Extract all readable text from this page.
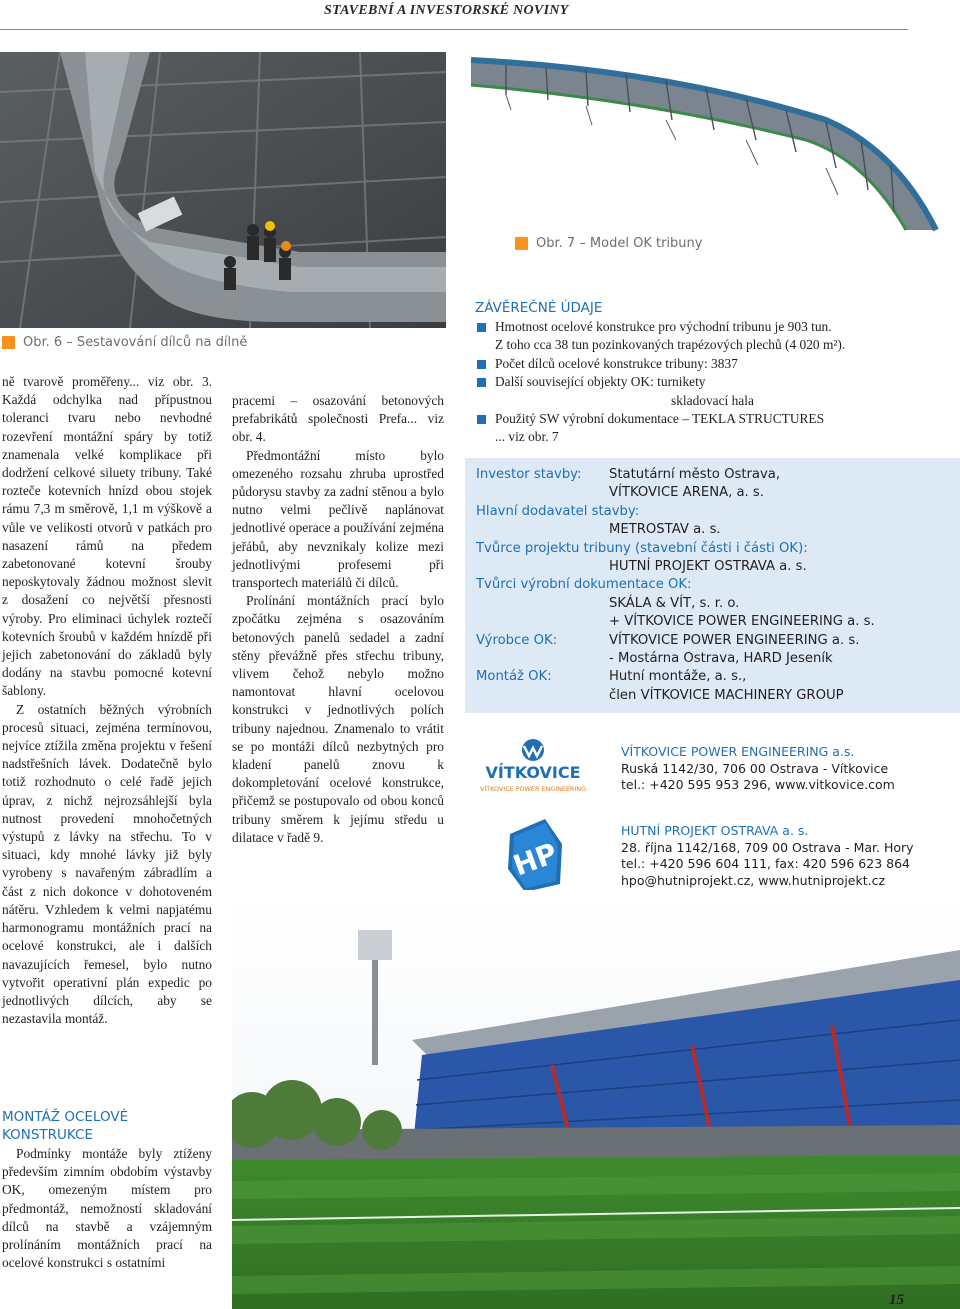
STAVEBNÍ A INVESTORSKÉ NOVINY
Obr. 6 – Sestavování dílců na dílně
Obr. 7 – Model OK tribuny

ně tvarově proměřeny... viz obr. 3. Každá odchylka nad přípustnou toleranci tvaru nebo nevhodné rozevření montážní spáry by totiž znamenala velké komplikace při dodržení celkové siluety tribuny. Také rozteče kotevních hnízd obou stojek rámu 7,3 m směrově, 1,1 m výškově a vůle ve velikosti otvorů v patkách pro nasazení rámů na předem zabetonované kotevní šrouby neposkytovaly žádnou možnost slevit z dosažení co největší přesnosti výroby. Pro eliminaci úchylek roztečí kotevních šroubů v každém hnízdě při jejich zabetonování do základů byly dodány na stavbu pomocné kotevní šablony.

Z ostatních běžných výrobních procesů situaci, zejména termínovou, nejvíce ztížila změna projektu v řešení nadstřešních lávek. Dodatečně bylo totiž rozhodnuto o celé řadě jejich úprav, z nichž nejrozsáhlejší byla nutnost provedení mnohočetných výstupů z lávky na střechu. To v situaci, kdy mnohé lávky již byly vyrobeny s navařeným zábradlím a část z nich dokonce v dohotoveném nátěru. Vzhledem k velmi napjatému harmonogramu montážních prací na ocelové konstrukci, ale i dalších navazujících řemesel, bylo nutno vytvořit operativní plán expedic po jednotlivých dílcích, aby se nezastavila montáž.

MONTÁŽ OCELOVÉ KONSTRUKCE

Podmínky montáže byly ztíženy především zimním obdobím výstavby OK, omezeným místem pro předmontáž, nemožností skladování dílců na stavbě a vzájemným prolínáním montážních prací na ocelové konstrukci s ostatními

pracemi – osazování betonových prefabrikátů společnosti Prefa... viz obr. 4.

Předmontážní místo bylo omezeného rozsahu zhruba uprostřed půdorysu stavby za zadní stěnou a bylo nutno velmi pečlivě naplánovat jednotlivé operace a používání zejména jeřábů, aby nevznikaly kolize mezi jednotlivými profesemi při transportech materiálů či dílců.

Prolínání montážních prací bylo zpočátku zejména s osazováním betonových panelů sedadel a zadní stěny převážně přes střechu tribuny, vlivem čehož nebylo možno namontovat hlavní ocelovou konstrukci v jednotlivých polích tribuny najednou. Znamenalo to vrátit se po montáži dílců nezbytných pro kladení panelů znovu k dokompletování ocelové konstrukce, přičemž se postupovalo od obou konců tribuny směrem k jejímu středu u dilatace v řadě 9.

ZÁVĚREČNÉ ÚDAJE
Hmotnost ocelové konstrukce pro východní tribunu je 903 tun.
Z toho cca 38 tun pozinkovaných trapézových plechů (4 020 m²).
Počet dílců ocelové konstrukce tribuny: 3837
Další související objekty OK: turnikety
skladovací hala
Použitý SW výrobní dokumentace – TEKLA STRUCTURES
... viz obr. 7
Investor stavby:	Statutární město Ostrava,
VÍTKOVICE ARENA, a. s.
Hlavní dodavatel stavby:
METROSTAV a. s.
Tvůrce projektu tribuny (stavební části i části OK):
HUTNÍ PROJEKT OSTRAVA a. s.
Tvůrci výrobní dokumentace OK:
SKÁLA & VÍT, s. r. o.
+ VÍTKOVICE POWER ENGINEERING a. s.
Výrobce OK:	VÍTKOVICE POWER ENGINEERING a. s.
- Mostárna Ostrava, HARD Jeseník
Montáž OK:	Hutní montáže, a. s.,
člen VÍTKOVICE MACHINERY GROUP
VÍTKOVICE
VÍTKOVICE POWER ENGINEERING
HP
VÍTKOVICE POWER ENGINEERING a.s.
Ruská 1142/30, 706 00 Ostrava - Vítkovice
tel.: +420 595 953 296, www.vitkovice.com
HUTNÍ PROJEKT OSTRAVA a. s.
28. října 1142/168, 709 00 Ostrava - Mar. Hory
tel.: +420 596 604 111, fax: 420 596 623 864
hpo@hutniprojekt.cz, www.hutniprojekt.cz
15
